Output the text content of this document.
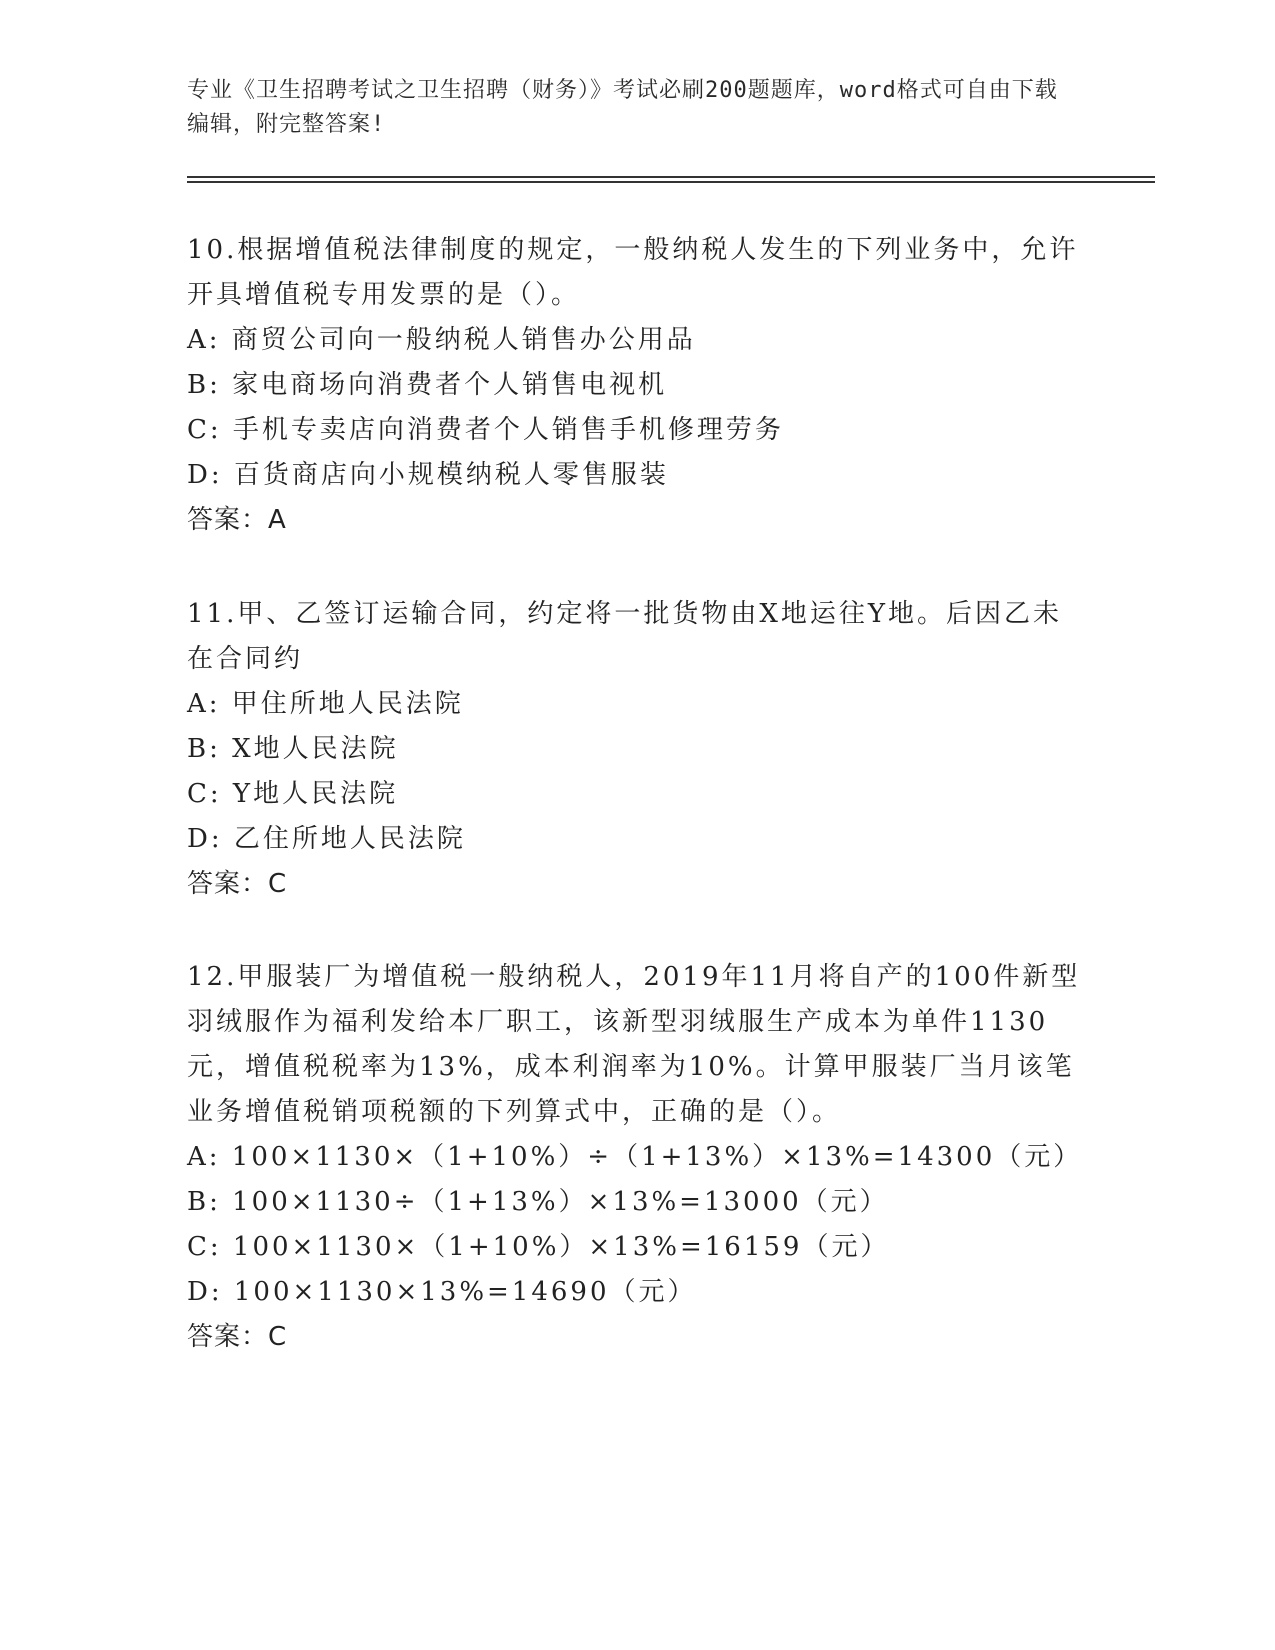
专业《卫生招聘考试之卫生招聘（财务）》考试必刷200题题库，word格式可自由下载编辑，附完整答案!

10.根据增值税法律制度的规定，一般纳税人发生的下列业务中，允许开具增值税专用发票的是（）。

A: 商贸公司向一般纳税人销售办公用品

B: 家电商场向消费者个人销售电视机

C: 手机专卖店向消费者个人销售手机修理劳务

D: 百货商店向小规模纳税人零售服装

答案：A

11.甲、乙签订运输合同，约定将一批货物由X地运往Y地。后因乙未在合同约

A: 甲住所地人民法院

B: X地人民法院

C: Y地人民法院

D: 乙住所地人民法院

答案：C

12.甲服装厂为增值税一般纳税人，2019年11月将自产的100件新型羽绒服作为福利发给本厂职工，该新型羽绒服生产成本为单件1130元，增值税税率为13%，成本利润率为10%。计算甲服装厂当月该笔业务增值税销项税额的下列算式中，正确的是（）。

A: 100×1130×（1+10%）÷（1+13%）×13%=14300（元）

B: 100×1130÷（1+13%）×13%=13000（元）

C: 100×1130×（1+10%）×13%=16159（元）

D: 100×1130×13%=14690（元）

答案：C
